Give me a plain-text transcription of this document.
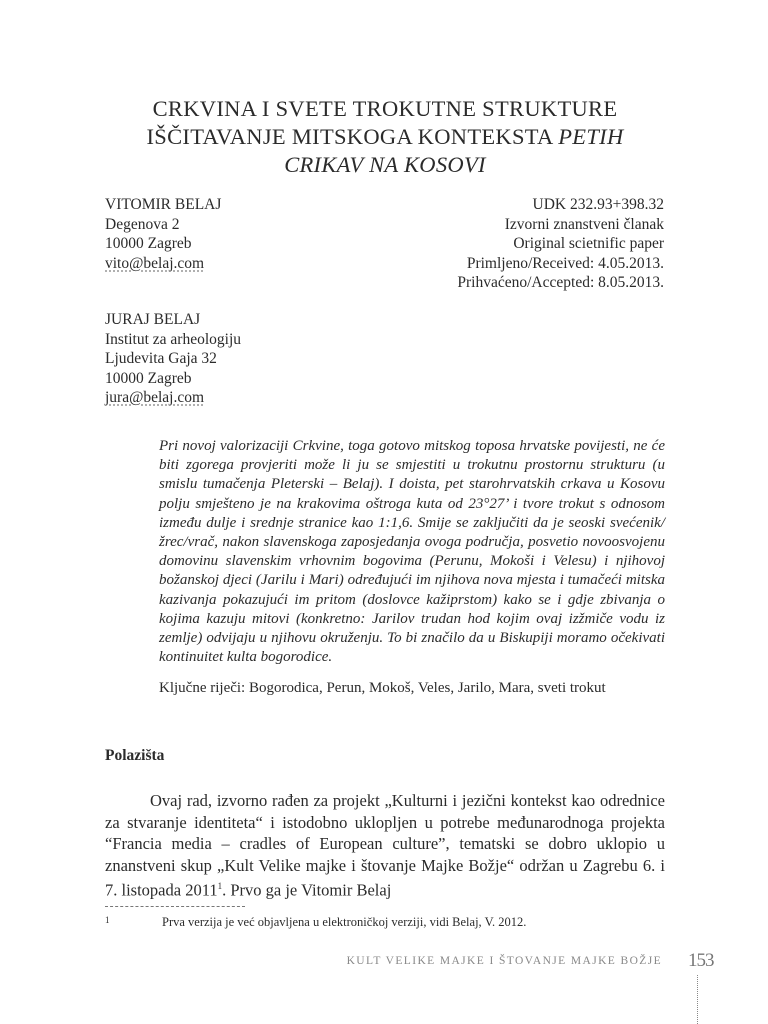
CRKVINA I SVETE TROKUTNE STRUKTURE
IŠČITAVANJE MITSKOGA KONTEKSTA PETIH
CRIKAV NA KOSOVI
VITOMIR BELAJ
Degenova 2
10000 Zagreb
vito@belaj.com
UDK 232.93+398.32
Izvorni znanstveni članak
Original scietnific paper
Primljeno/Received: 4.05.2013.
Prihvaćeno/Accepted: 8.05.2013.
JURAJ BELAJ
Institut za arheologiju
Ljudevita Gaja 32
10000 Zagreb
jura@belaj.com
Pri novoj valorizaciji Crkvine, toga gotovo mitskog toposa hrvatske povijesti, ne će biti zgorega provjeriti može li ju se smjestiti u trokutnu prostornu strukturu (u smislu tumačenja Pleterski – Belaj). I doista, pet starohrvatskih crkava u Kosovu polju smješteno je na krakovima oštroga kuta od 23°27’ i tvore trokut s odnosom između dulje i srednje stranice kao 1:1,6. Smije se zaključiti da je seoski svećenik/žrec/vrač, nakon slavenskoga zaposjedanja ovoga područja, posvetio novoosvojenu domovinu slavenskim vrhovnim bogovima (Perunu, Mokoši i Velesu) i njihovoj božanskoj djeci (Jarilu i Mari) određujući im njihova nova mjesta i tumačeći mitska kazivanja pokazujući im pritom (doslovce kažiprstom) kako se i gdje zbivanja o kojima kazuju mitovi (konkretno: Jarilov trudan hod kojim ovaj izžmiče vodu iz zemlje) odvijaju u njihovu okruženju. To bi značilo da u Biskupiji moramo očekivati kontinuitet kulta bogorodice.
Ključne riječi: Bogorodica, Perun, Mokoš, Veles, Jarilo, Mara, sveti trokut
Polazišta
Ovaj rad, izvorno rađen za projekt „Kulturni i jezični kontekst kao odrednice za stvaranje identiteta“ i istodobno ukloplјen u potrebe međunarodnoga projekta “Francia media – cradles of European culture”, tematski se dobro uklopio u znanstveni skup „Kult Velike majke i štovanje Majke Božje“ održan u Zagrebu 6. i 7. listopada 2011$^1$. Prvo ga je Vitomir Belaj
1	Prva verzija je već objavljena u elektroničkoj verziji, vidi Belaj, V. 2012.
KULT VELIKE MAJKE I ŠTOVANJE MAJKE BOŽJE 153
